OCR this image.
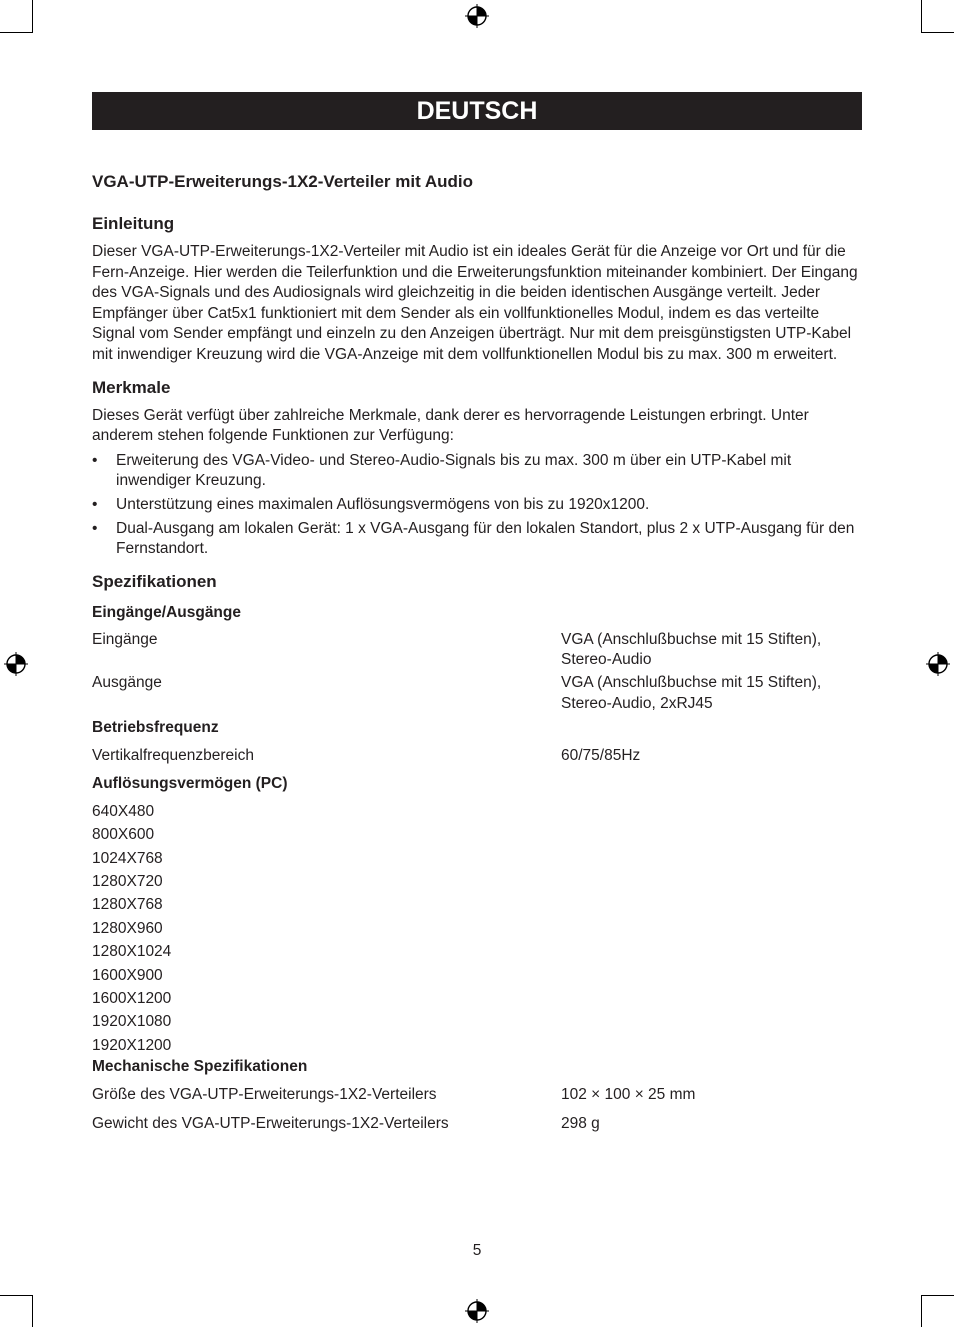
DEUTSCH
VGA-UTP-Erweiterungs-1X2-Verteiler mit Audio
Einleitung

Dieser VGA-UTP-Erweiterungs-1X2-Verteiler mit Audio ist ein ideales Gerät für die Anzeige vor Ort und für die Fern-Anzeige. Hier werden die Teilerfunktion und die Erweiterungsfunktion miteinander kombiniert. Der Eingang des VGA-Signals und des Audiosignals wird gleichzeitig in die beiden identischen Ausgänge verteilt. Jeder Empfänger über Cat5x1 funktioniert mit dem Sender als ein vollfunktionelles Modul, indem es das verteilte Signal vom Sender empfängt und einzeln zu den Anzeigen überträgt. Nur mit dem preisgünstigsten UTP-Kabel mit inwendiger Kreuzung wird die VGA-Anzeige mit dem vollfunktionellen Modul bis zu max. 300 m erweitert.

Merkmale

Dieses Gerät verfügt über zahlreiche Merkmale, dank derer es hervorragende Leistungen erbringt. Unter anderem stehen folgende Funktionen zur Verfügung:

• Erweiterung des VGA-Video- und Stereo-Audio-Signals bis zu max. 300 m über ein UTP-Kabel mit inwendiger Kreuzung.
• Unterstützung eines maximalen Auflösungsvermögens von bis zu 1920x1200.
• Dual-Ausgang am lokalen Gerät: 1 x VGA-Ausgang für den lokalen Standort, plus 2 x UTP-Ausgang für den Fernstandort.
Spezifikationen
Eingänge/Ausgänge
Eingänge	VGA (Anschlußbuchse mit 15 Stiften),
Stereo-Audio
Ausgänge	VGA (Anschlußbuchse mit 15 Stiften),
Stereo-Audio, 2xRJ45
Betriebsfrequenz
Vertikalfrequenzbereich	60/75/85Hz
Auflösungsvermögen (PC)
640X480
800X600
1024X768
1280X720
1280X768
1280X960
1280X1024
1600X900
1600X1200
1920X1080
1920X1200
Mechanische Spezifikationen
Größe des VGA-UTP-Erweiterungs-1X2-Verteilers	102 × 100 × 25 mm
Gewicht des VGA-UTP-Erweiterungs-1X2-Verteilers	298 g
5
